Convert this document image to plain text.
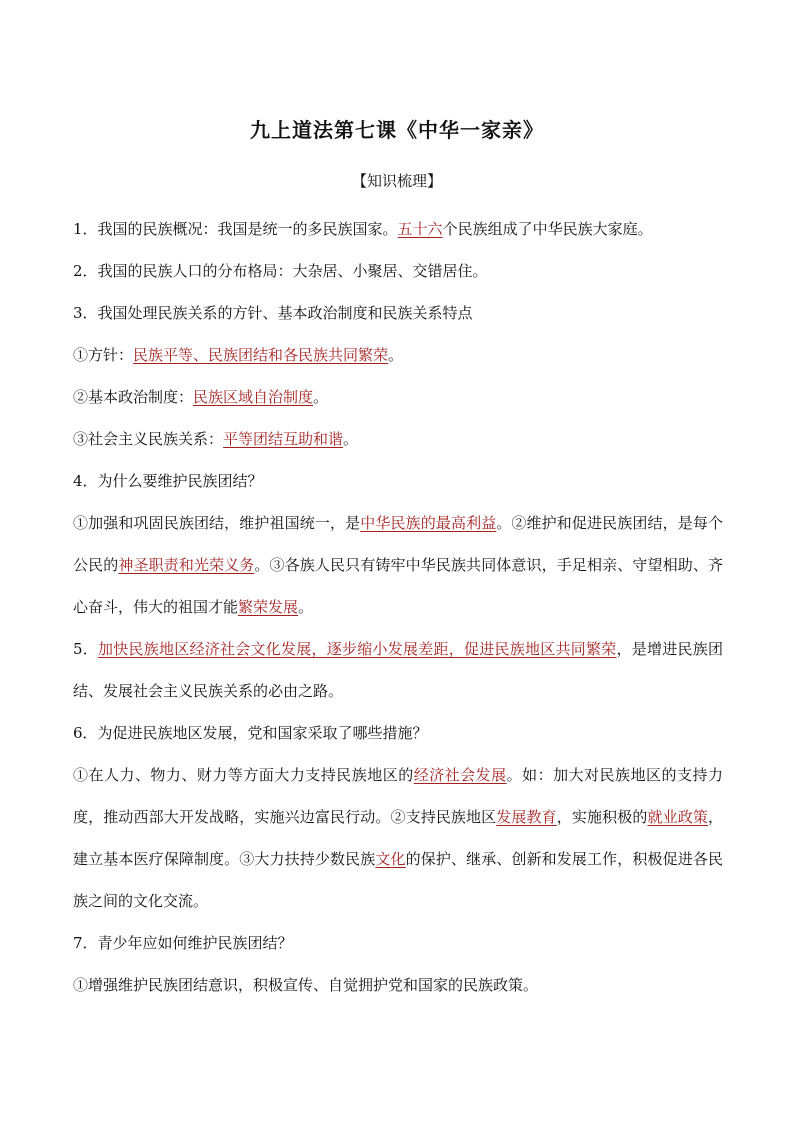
九上道法第七课《中华一家亲》
【知识梳理】

1．我国的民族概况：我国是统一的多民族国家。五十六个民族组成了中华民族大家庭。

2．我国的民族人口的分布格局：大杂居、小聚居、交错居住。

3．我国处理民族关系的方针、基本政治制度和民族关系特点

①方针：民族平等、民族团结和各民族共同繁荣。

②基本政治制度：民族区域自治制度。

③社会主义民族关系：平等团结互助和谐。

4．为什么要维护民族团结？

①加强和巩固民族团结，维护祖国统一，是中华民族的最高利益。②维护和促进民族团结，是每个公民的神圣职责和光荣义务。③各族人民只有铸牢中华民族共同体意识，手足相亲、守望相助、齐心奋斗，伟大的祖国才能繁荣发展。

5．加快民族地区经济社会文化发展，逐步缩小发展差距，促进民族地区共同繁荣，是增进民族团结、发展社会主义民族关系的必由之路。

6．为促进民族地区发展，党和国家采取了哪些措施？

①在人力、物力、财力等方面大力支持民族地区的经济社会发展。如：加大对民族地区的支持力度，推动西部大开发战略，实施兴边富民行动。②支持民族地区发展教育，实施积极的就业政策，建立基本医疗保障制度。③大力扶持少数民族文化的保护、继承、创新和发展工作，积极促进各民族之间的文化交流。

7．青少年应如何维护民族团结？

①增强维护民族团结意识，积极宣传、自觉拥护党和国家的民族政策。
